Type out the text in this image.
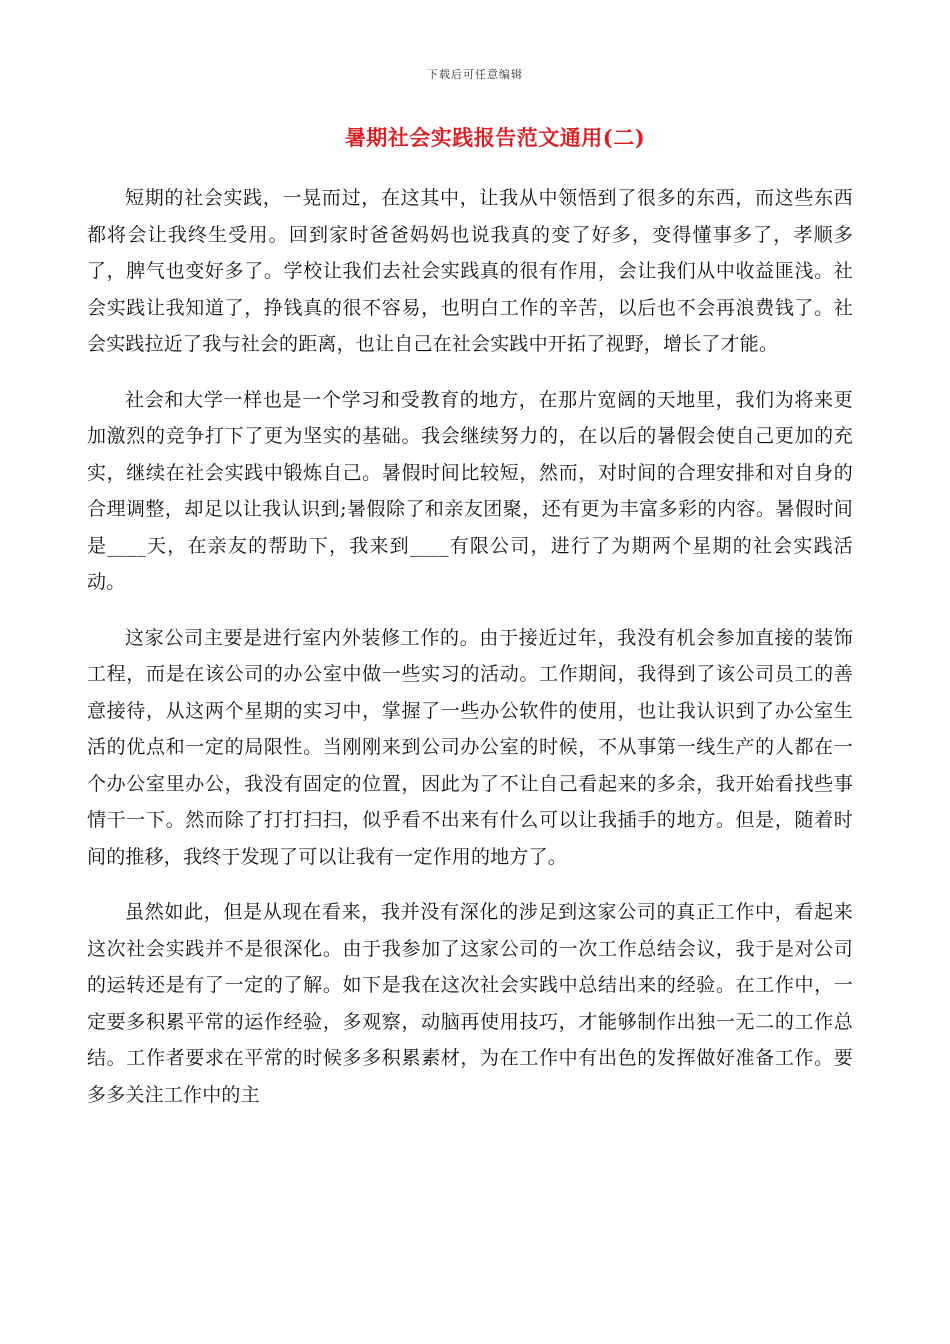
下载后可任意编辑
暑期社会实践报告范文通用(二)

短期的社会实践，一晃而过，在这其中，让我从中领悟到了很多的东西，而这些东西都将会让我终生受用。回到家时爸爸妈妈也说我真的变了好多，变得懂事多了，孝顺多了，脾气也变好多了。学校让我们去社会实践真的很有作用，会让我们从中收益匪浅。社会实践让我知道了，挣钱真的很不容易，也明白工作的辛苦，以后也不会再浪费钱了。社会实践拉近了我与社会的距离，也让自己在社会实践中开拓了视野，增长了才能。

社会和大学一样也是一个学习和受教育的地方，在那片宽阔的天地里，我们为将来更加激烈的竞争打下了更为坚实的基础。我会继续努力的，在以后的暑假会使自己更加的充实，继续在社会实践中锻炼自己。暑假时间比较短，然而，对时间的合理安排和对自身的合理调整，却足以让我认识到;暑假除了和亲友团聚，还有更为丰富多彩的内容。暑假时间是____天，在亲友的帮助下，我来到____有限公司，进行了为期两个星期的社会实践活动。

这家公司主要是进行室内外装修工作的。由于接近过年，我没有机会参加直接的装饰工程，而是在该公司的办公室中做一些实习的活动。工作期间，我得到了该公司员工的善意接待，从这两个星期的实习中，掌握了一些办公软件的使用，也让我认识到了办公室生活的优点和一定的局限性。当刚刚来到公司办公室的时候，不从事第一线生产的人都在一个办公室里办公，我没有固定的位置，因此为了不让自己看起来的多余，我开始看找些事情干一下。然而除了打打扫扫，似乎看不出来有什么可以让我插手的地方。但是，随着时间的推移，我终于发现了可以让我有一定作用的地方了。

虽然如此，但是从现在看来，我并没有深化的涉足到这家公司的真正工作中，看起来这次社会实践并不是很深化。由于我参加了这家公司的一次工作总结会议，我于是对公司的运转还是有了一定的了解。如下是我在这次社会实践中总结出来的经验。在工作中，一定要多积累平常的运作经验，多观察，动脑再使用技巧，才能够制作出独一无二的工作总结。工作者要求在平常的时候多多积累素材，为在工作中有出色的发挥做好准备工作。要多多关注工作中的主
